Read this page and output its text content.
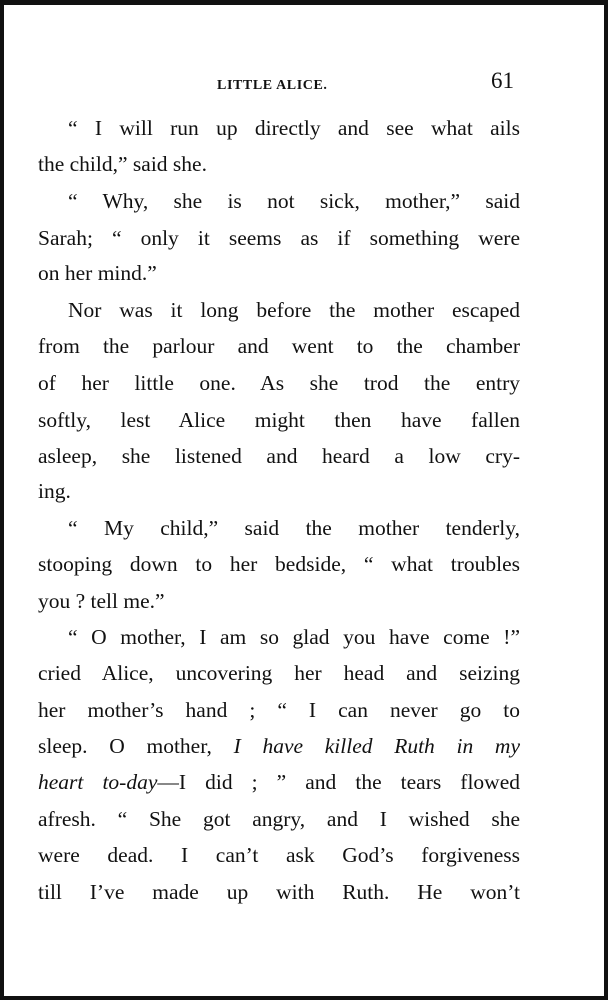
LITTLE ALICE.	61
“ I will run up directly and see what ails
the child,” said she.
“ Why, she is not sick, mother,” said
Sarah; “ only it seems as if something were
on her mind.”
Nor was it long before the mother escaped
from the parlour and went to the chamber
of her little one. As she trod the entry
softly, lest Alice might then have fallen
asleep, she listened and heard a low cry-
ing.
“ My child,” said the mother tenderly,
stooping down to her bedside, “ what troubles
you ? tell me.”
“ O mother, I am so glad you have come !”
cried Alice, uncovering her head and seizing
her mother’s hand ; “ I can never go to
sleep. O mother, I have killed Ruth in my
heart to-day—I did ; ” and the tears flowed
afresh. “ She got angry, and I wished she
were dead. I can’t ask God’s forgiveness
till I’ve made up with Ruth. He won’t
